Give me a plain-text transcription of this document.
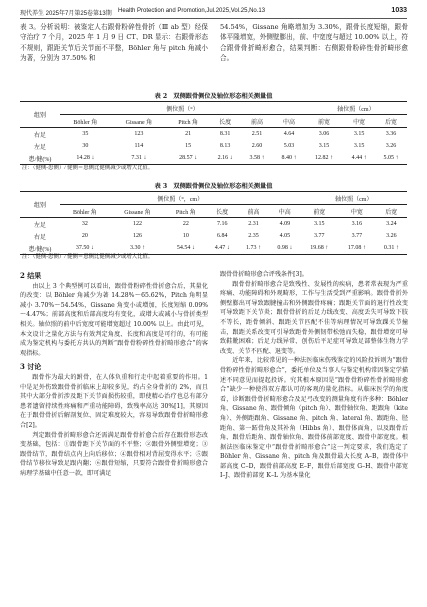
现代养生 2025年7月第25卷第13期 Health Protection and Promotion,Jul.2025,Vol.25,No.13	1033

表 3。分析说明：被鉴定人右跟骨粉碎性骨折（Ⅲ ab 型）经保守治疗 7 个月，2025 年 1 月 9 日 CT、DR 显示：右跟骨形态不规则，跟距关节后关节面不平整，Böhler 角与 pitch 角减小为著，分别为 37.50% 和

54.54%，Gissane 角略增加为 3.30%，跟骨长度短缩，跟骨体平隆增宽，外侧壁膨出，前、中宽度与超过 10.00% 以上，符合跟骨骨折畸形愈合，结果判断：右侧跟骨粉碎性骨折畸形愈合。

表 2　双侧跟骨侧位及轴位形态相关测量值
组别	侧位照（°）						轴位照（cm）		
	Böhler 角	Gissane 角	Pitch 角	长度	前高	中高	前宽	中宽	后宽
右足	35	123	21	8.31	2.51	4.64	3.06	3.15	3.36
左足	30	114	15	8.13	2.60	5.03	3.15	3.15	3.26
患/健(%)	14.28 ↓	7.31 ↓	28.57 ↓	2.16 ↓	3.58 ↑	8.40 ↑	12.82 ↑	4.44 ↑	5.05 ↑
注：（健侧-患侧）/ 健侧＝患侧比健侧减少或增大比值。
表 3　双侧跟骨侧位及轴位形态相关测量值
组别	侧位照（°，cm）						轴位照（cm）		
	Böhler 角	Gissane 角	Pitch 角	长度	前高	中高	前宽	中宽	后宽
左足	32	122	22	7.16	2.31	4.09	3.15	3.16	3.24
右足	20	126	10	6.84	2.35	4.05	3.77	3.77	3.26
患/健(%)	37.50 ↓	3.30 ↑	54.54 ↓	4.47 ↓	1.73 ↑	0.98 ↓	19.68 ↑	17.08 ↑	0.31 ↑
注：（健侧-患侧）/ 健侧＝患侧比健侧减少或增大比值。

2 结果

由以上 3 个典型例可以看出，跟骨骨粉碎性骨折愈合后，其量化的改变：以 Böhler 角减少为著 14.28%～65.62%，Pitch 角明显减小 3.70%～54.54%，Gissane 角变小或增加，长度短缩 0.09%～4.47%；前部高度和后部高度均有变化，或增大或减小与骨折类型相关。轴位照的前中后宽度可能增宽超过 10.00% 以上。由此可见，本文设计之量化方法与有效判定角度、长度和高度是可行的，有可能成为鉴定机构与委托方共认的判断“跟骨骨粉碎性骨折畸形愈合”的客观指标。

3 讨论

跟骨作为最大的跗骨，在人体负重和行走中起着重要的作用。1 中是足外伤致跟骨骨折临床上却较多见，约占全身骨折的 2%，而且其中大部分骨折涉及距下关节面损伤较重，即使精心治疗也总有部分患者遗留持续性疼痛和严重功能障碍，致残率高达 30%[1]，其原因在于跟骨骨折后解剖复位、固定难度较大，容易导致跟骨骨折畸形愈合[2]。

判定跟骨骨折畸形愈合还需满足跟骨骨折愈合后存在跟骨形态改变基础，包括：①跟骨距下关节面的不平整；②跟骨外侧壁增宽；③跟骨结节，跟骨结点内上向后移位；④跟骨相对背屈变得水平；⑤跟骨结节移位导致足跟内翻；⑥跟骨短缩，只要符合跟骨骨折畸形愈合病理学基础中任意一款，即可满足

跟骨骨折畸形愈合评残条件[3]。

跟骨骨折畸形愈合是致残性、发展性的疾病，患者常表现为严重疼痛、功能障碍和外观畸形，工作与生活受到严重影响。跟骨骨折外侧壁膨出可导致跟腱撞击和外侧跟骨疼痛；跟距关节面的退行性改变可导致距下关节炎；跟骨骨折的后足力线改变、高度丢失可导致下肢不等长，距骨倾斜、跟距关节匹配不佳等病理情况可导致踝关节撞击，跟距关系改变可引导致距骨外侧韧带松弛而失稳，跟骨增宽可导致鞋靴困难；后足力线异常、创伤后平足症可导致足部整体生物力学改变、关节不匹配、退变等。

近年来，比较常见的一种法医临床伤残鉴定的风险投诉则为“跟骨骨粉碎性骨折畸形愈合”，委托单位及当事人与鉴定机构常因鉴定学描述不同意见而提起投诉。究其根本原因是“跟骨骨粉碎性骨折畸形愈合”缺少一种使得双方都认可的客观的量化指标。从临床医学的角度看，诊断跟骨骨折畸形愈合及足弓改变的测量角度有许多种：Böhler 角、Gissane 角、跟骨倾角（pitch 角）、跟骨轴位角、距跟角（kite 角）、外侧距跟角、Gissane 角、pitch 角、lateral 角、跟距角、胫距角、第一跖骨角及其补角（Hibbs 角）、跟骨体面角，以及跟骨后角、跟骨后距角、跟骨轴位角、跟骨体前部宽度、跟骨中部宽度。根据法医临床鉴定中“跟骨骨折畸形愈合”这一判定要求，我们选定了 Böhler 角、Gissane 角、pitch 角及跟骨最大长度 A–B，跟骨体中部高度 C–D，跟骨前部高度 E–F，跟骨后部宽度 G–H、跟骨中部宽 I–J、跟骨前部宽 K–L 为基本量化
